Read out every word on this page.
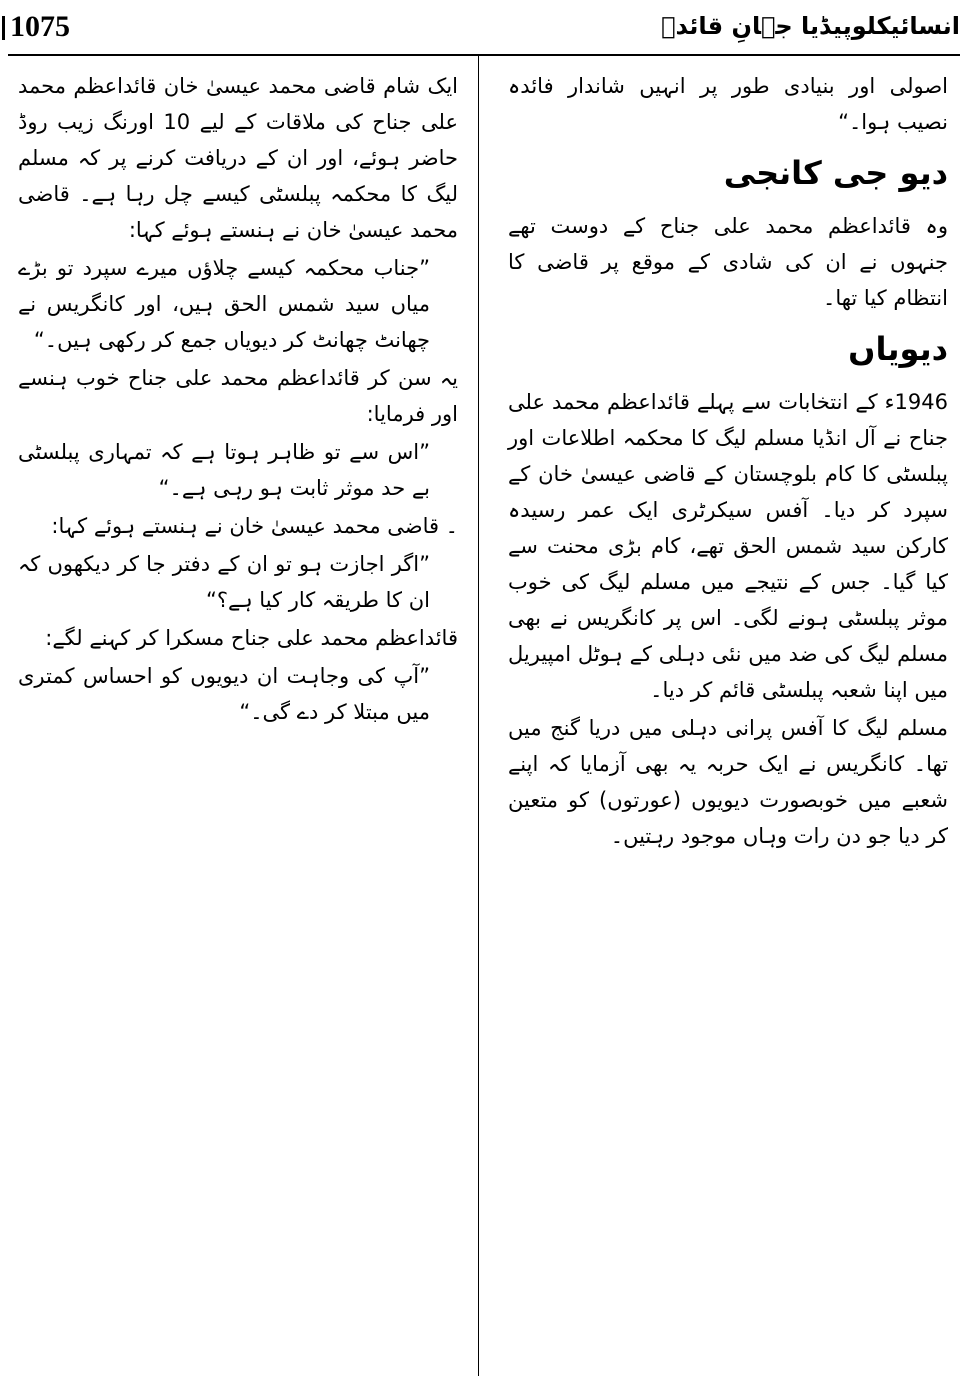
1075	انسائیکلوپیڈیا جہانِ قائدؒ

اصولی اور بنیادی طور پر انہیں شاندار فائدہ نصیب ہوا۔“

دیو جی کانجی

وہ قائداعظم محمد علی جناح کے دوست تھے جنہوں نے ان کی شادی کے موقع پر قاضی کا انتظام کیا تھا۔

دیویاں

1946ء کے انتخابات سے پہلے قائداعظم محمد علی جناح نے آل انڈیا مسلم لیگ کا محکمہ اطلاعات اور پبلسٹی کا کام بلوچستان کے قاضی عیسیٰ خان کے سپرد کر دیا۔ آفس سیکرٹری ایک عمر رسیدہ کارکن سید شمس الحق تھے، کام بڑی محنت سے کیا گیا۔ جس کے نتیجے میں مسلم لیگ کی خوب موثر پبلسٹی ہونے لگی۔ اس پر کانگریس نے بھی مسلم لیگ کی ضد میں نئی دہلی کے ہوٹل امپیریل میں اپنا شعبہ پبلسٹی قائم کر دیا۔

مسلم لیگ کا آفس پرانی دہلی میں دریا گنج میں تھا۔ کانگریس نے ایک حربہ یہ بھی آزمایا کہ اپنے شعبے میں خوبصورت دیویوں (عورتوں) کو متعین کر دیا جو دن رات وہاں موجود رہتیں۔

ایک شام قاضی محمد عیسیٰ خان قائداعظم محمد علی جناح کی ملاقات کے لیے 10 اورنگ زیب روڈ حاضر ہوئے، اور ان کے دریافت کرنے پر کہ مسلم لیگ کا محکمہ پبلسٹی کیسے چل رہا ہے۔ قاضی محمد عیسیٰ خان نے ہنستے ہوئے کہا:

”جناب محکمہ کیسے چلاؤں میرے سپرد تو بڑے میاں سید شمس الحق ہیں، اور کانگریس نے چھانٹ چھانٹ کر دیویاں جمع کر رکھی ہیں۔“

یہ سن کر قائداعظم محمد علی جناح خوب ہنسے اور فرمایا:

”اس سے تو ظاہر ہوتا ہے کہ تمہاری پبلسٹی بے حد موثر ثابت ہو رہی ہے۔“

۔ قاضی محمد عیسیٰ خان نے ہنستے ہوئے کہا:

”اگر اجازت ہو تو ان کے دفتر جا کر دیکھوں کہ ان کا طریقہ کار کیا ہے؟“

قائداعظم محمد علی جناح مسکرا کر کہنے لگے:

”آپ کی وجاہت ان دیویوں کو احساس کمتری میں مبتلا کر دے گی۔“
